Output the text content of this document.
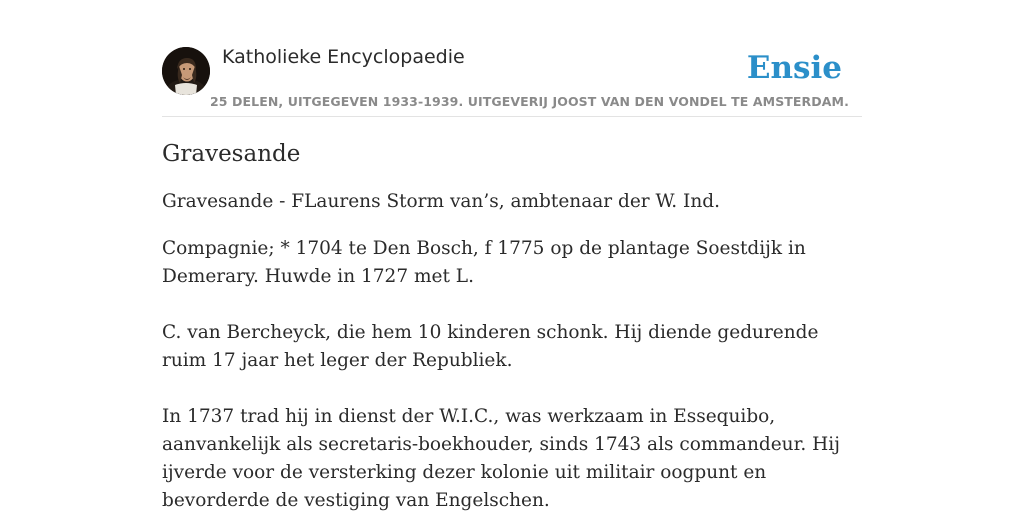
Katholieke Encyclopaedie	Ensie
25 DELEN, UITGEGEVEN 1933-1939. UITGEVERIJ JOOST VAN DEN VONDEL TE AMSTERDAM.
Gravesande

Gravesande - FLaurens Storm van’s, ambtenaar der W. Ind.

Compagnie; * 1704 te Den Bosch, f 1775 op de plantage Soestdijk in Demerary. Huwde in 1727 met L.

C. van Bercheyck, die hem 10 kinderen schonk. Hij diende gedurende ruim 17 jaar het leger der Republiek.

In 1737 trad hij in dienst der W.I.C., was werkzaam in Essequibo, aanvankelijk als secretaris-boekhouder, sinds 1743 als commandeur. Hij ijverde voor de versterking dezer kolonie uit militair oogpunt en bevorderde de vestiging van Engelschen.
